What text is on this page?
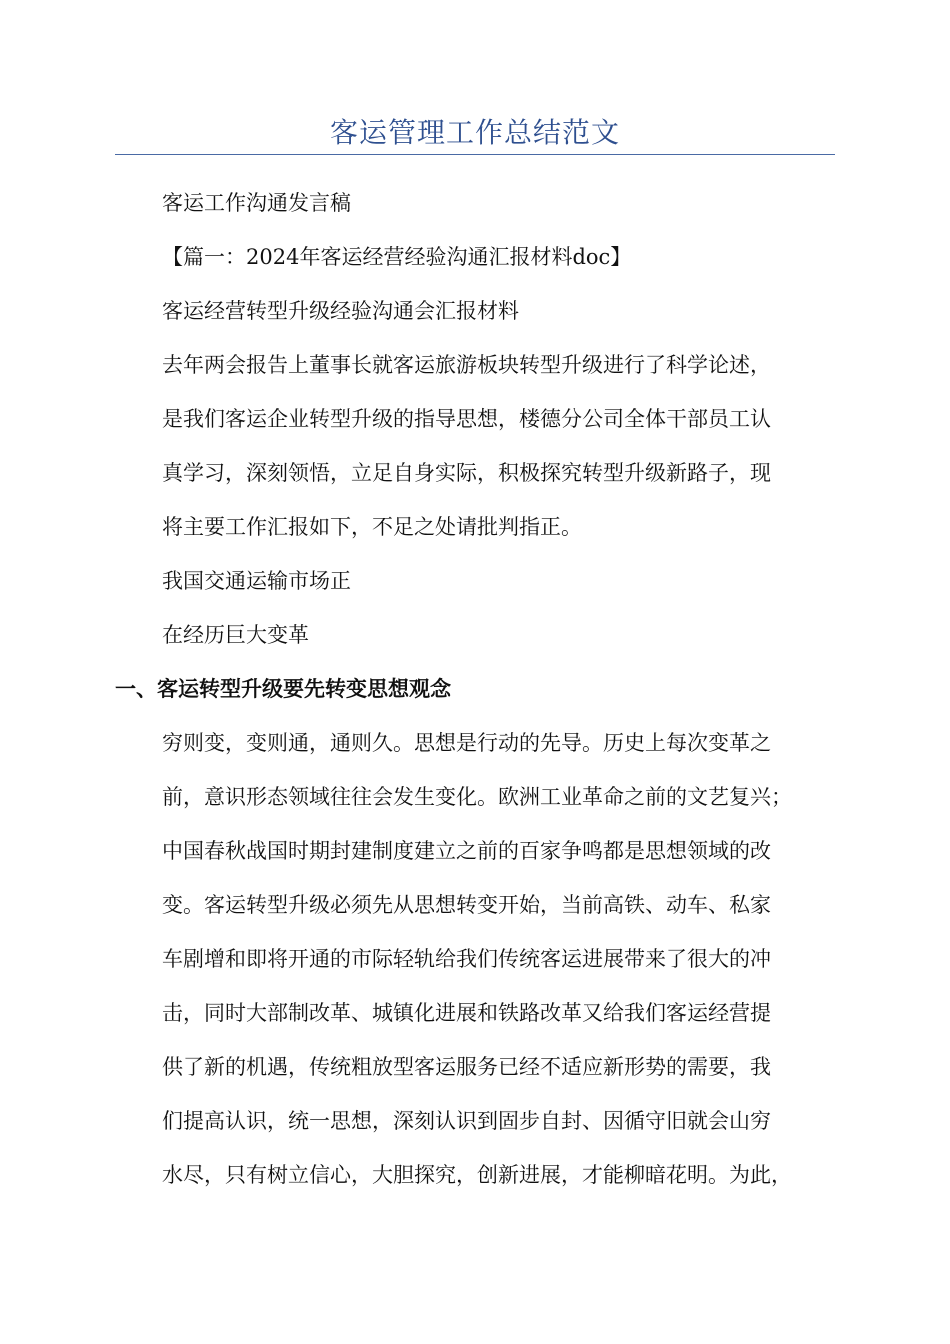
客运管理工作总结范文

客运工作沟通发言稿

【篇一：2024年客运经营经验沟通汇报材料doc】

客运经营转型升级经验沟通会汇报材料

去年两会报告上董事长就客运旅游板块转型升级进行了科学论述，

是我们客运企业转型升级的指导思想，楼德分公司全体干部员工认

真学习，深刻领悟，立足自身实际，积极探究转型升级新路子，现

将主要工作汇报如下，不足之处请批判指正。

我国交通运输市场正

在经历巨大变革

一、客运转型升级要先转变思想观念

穷则变，变则通，通则久。思想是行动的先导。历史上每次变革之

前，意识形态领域往往会发生变化。欧洲工业革命之前的文艺复兴；

中国春秋战国时期封建制度建立之前的百家争鸣都是思想领域的改

变。客运转型升级必须先从思想转变开始，当前高铁、动车、私家

车剧增和即将开通的市际轻轨给我们传统客运进展带来了很大的冲

击，同时大部制改革、城镇化进展和铁路改革又给我们客运经营提

供了新的机遇，传统粗放型客运服务已经不适应新形势的需要，我

们提高认识，统一思想，深刻认识到固步自封、因循守旧就会山穷

水尽，只有树立信心，大胆探究，创新进展，才能柳暗花明。为此，
